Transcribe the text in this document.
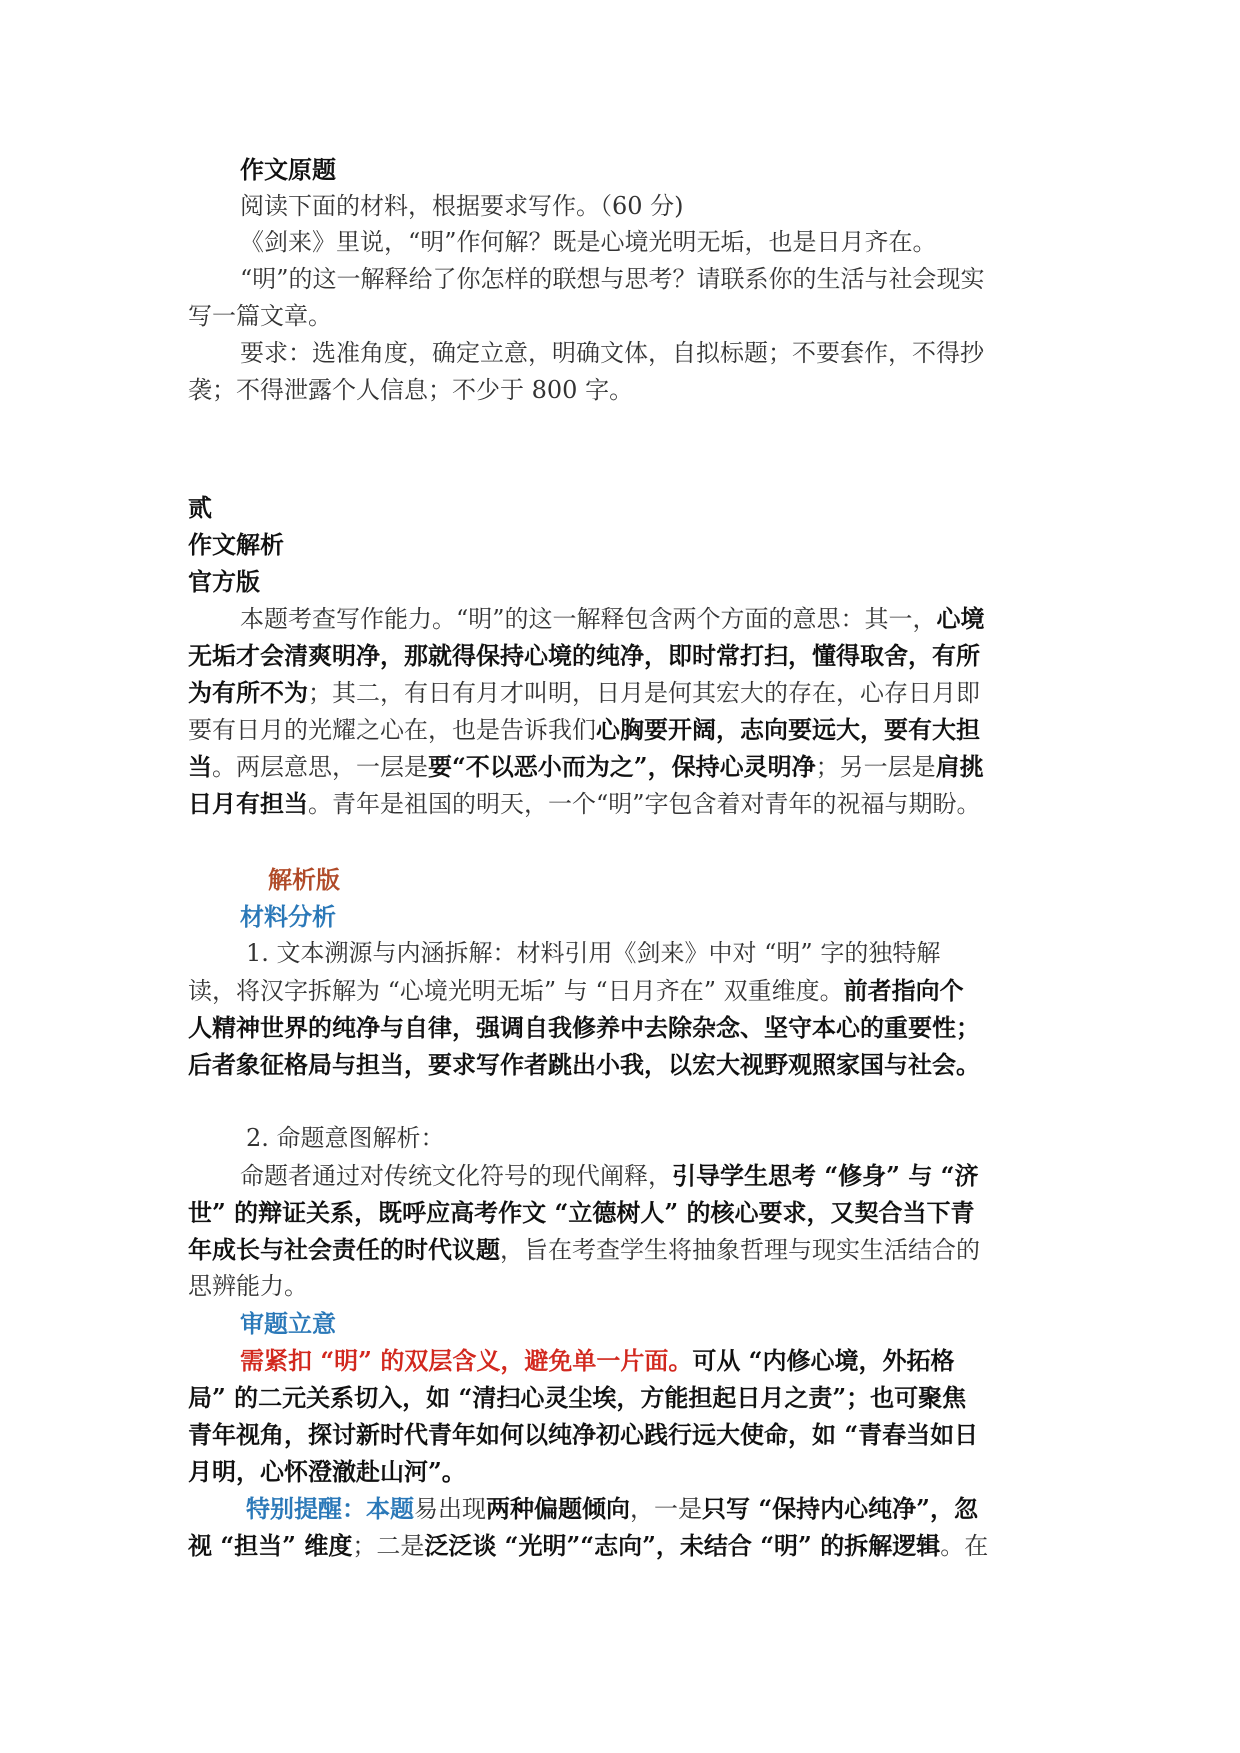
作文原题
阅读下面的材料，根据要求写作。（60 分)
《剑来》里说，“明”作何解？既是心境光明无垢，也是日月齐在。
“明”的这一解释给了你怎样的联想与思考？请联系你的生活与社会现实
写一篇文章。
要求：选准角度，确定立意，明确文体，自拟标题；不要套作，不得抄
袭；不得泄露个人信息；不少于 800 字。
贰
作文解析
官方版
本题考查写作能力。“明”的这一解释包含两个方面的意思：其一，心境
无垢才会清爽明净，那就得保持心境的纯净，即时常打扫，懂得取舍，有所
为有所不为；其二，有日有月才叫明，日月是何其宏大的存在，心存日月即
要有日月的光耀之心在，也是告诉我们心胸要开阔，志向要远大，要有大担
当。两层意思，一层是要“不以恶小而为之”，保持心灵明净；另一层是肩挑
日月有担当。青年是祖国的明天，一个“明”字包含着对青年的祝福与期盼。
解析版
材料分析
1. 文本溯源与内涵拆解：材料引用《剑来》中对 “明” 字的独特解
读，将汉字拆解为 “心境光明无垢” 与 “日月齐在” 双重维度。前者指向个
人精神世界的纯净与自律，强调自我修养中去除杂念、坚守本心的重要性；
后者象征格局与担当，要求写作者跳出小我，以宏大视野观照家国与社会。
2. 命题意图解析：
命题者通过对传统文化符号的现代阐释，引导学生思考 “修身” 与 “济
世” 的辩证关系，既呼应高考作文 “立德树人” 的核心要求，又契合当下青
年成长与社会责任的时代议题，旨在考查学生将抽象哲理与现实生活结合的
思辨能力。
审题立意
需紧扣 “明” 的双层含义，避免单一片面。可从 “内修心境，外拓格
局” 的二元关系切入，如 “清扫心灵尘埃，方能担起日月之责”；也可聚焦
青年视角，探讨新时代青年如何以纯净初心践行远大使命，如 “青春当如日
月明，心怀澄澈赴山河”。
特别提醒：本题易出现两种偏题倾向，一是只写 “保持内心纯净”，忽
视 “担当” 维度；二是泛泛谈 “光明”“志向”，未结合 “明” 的拆解逻辑。在
